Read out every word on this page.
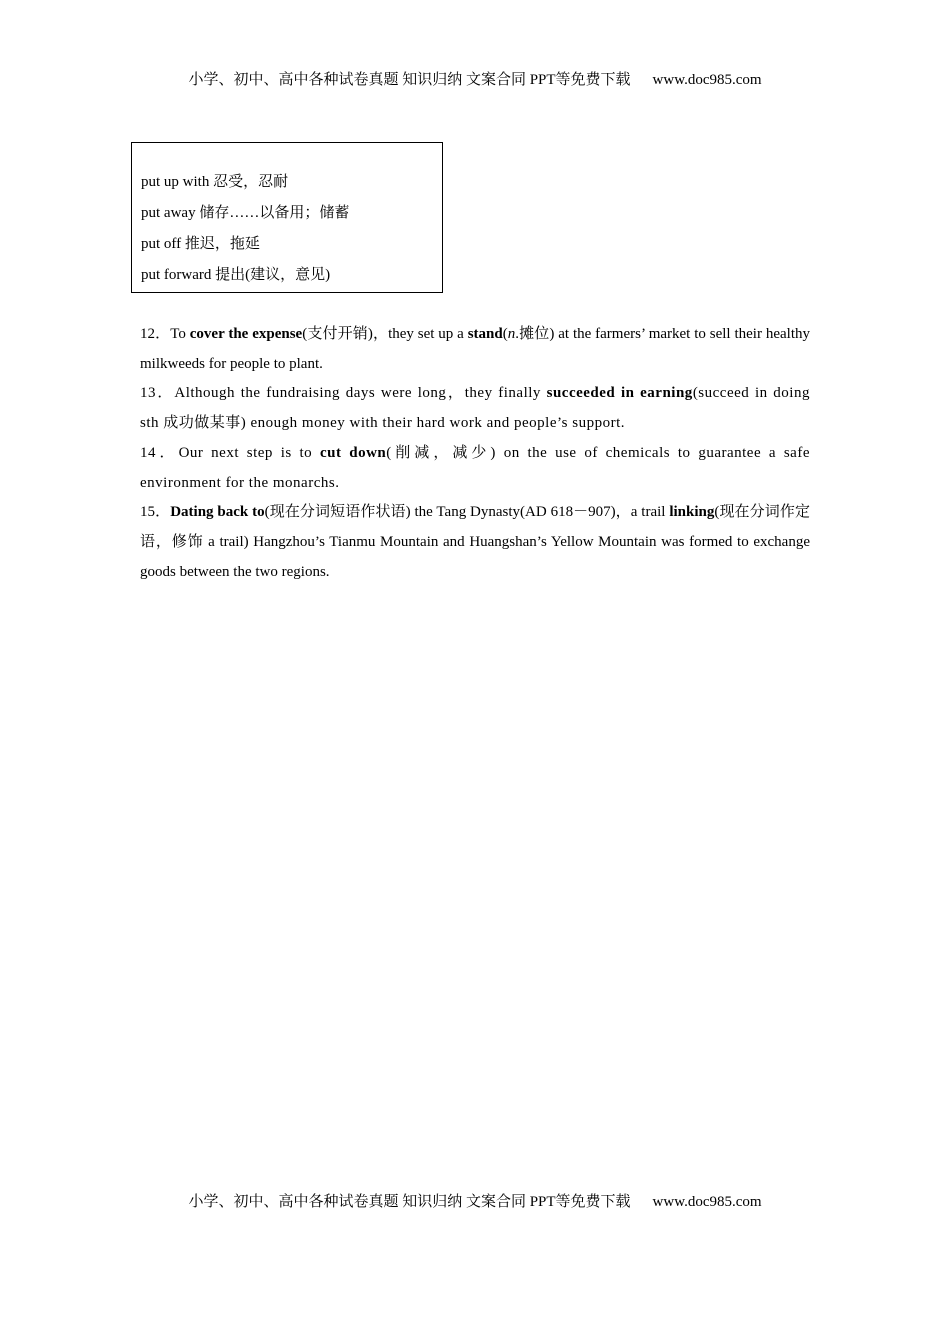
小学、初中、高中各种试卷真题 知识归纳 文案合同 PPT等免费下载 www.doc985.com
put up with 忍受，忍耐
put away 储存……以备用；储蓄
put off 推迟，拖延
put forward 提出(建议，意见)

12．To cover the expense(支付开销)，they set up a stand(n.摊位) at the farmers’ market to sell their healthy milkweeds for people to plant.

13．Although the fundraising days were long，they finally succeeded in earning(succeed in doing sth 成功做某事) enough money with their hard work and people’s support.

14．Our next step is to cut down(削减，减少) on the use of chemicals to guarantee a safe environment for the monarchs.

15．Dating back to(现在分词短语作状语) the Tang Dynasty(AD 618－907)，a trail linking(现在分词作定语，修饰 a trail) Hangzhou’s Tianmu Mountain and Huangshan’s Yellow Mountain was formed to exchange goods between the two regions.

小学、初中、高中各种试卷真题 知识归纳 文案合同 PPT等免费下载 www.doc985.com
